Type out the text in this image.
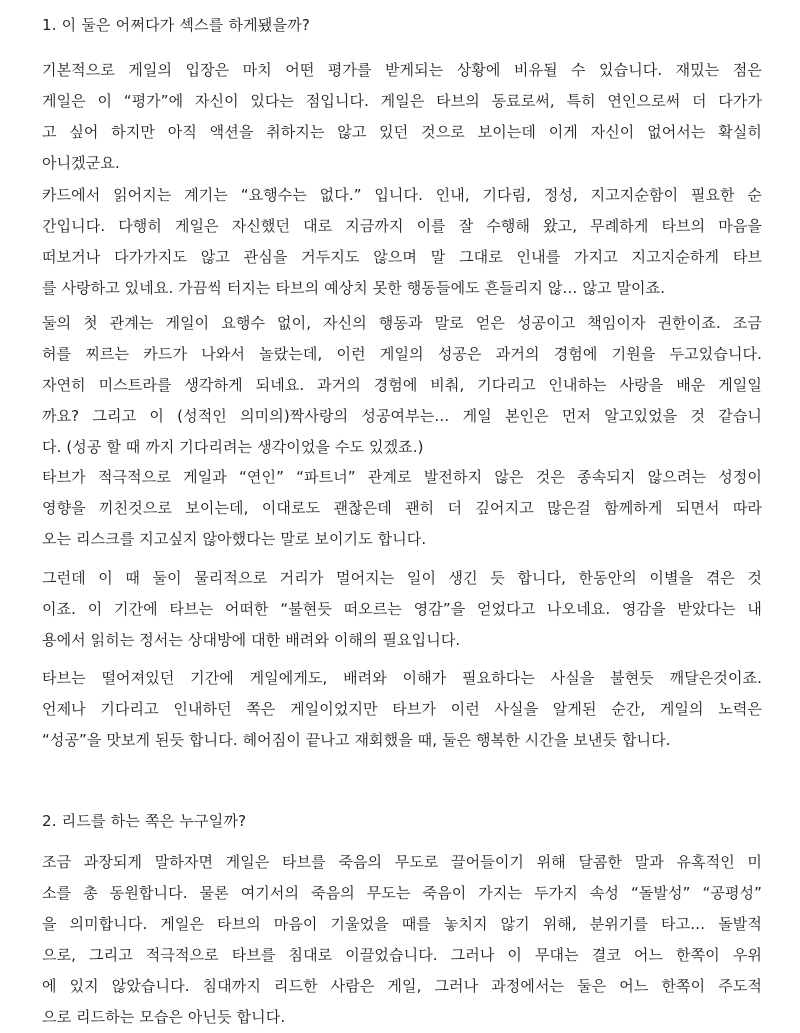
1. 이 둘은 어쩌다가 섹스를 하게됐을까?
기본적으로 게일의 입장은 마치 어떤 평가를 받게되는 상황에 비유될 수 있습니다. 재밌는 점은
게일은 이 “평가”에 자신이 있다는 점입니다. 게일은 타브의 동료로써, 특히 연인으로써 더 다가가
고 싶어 하지만 아직 액션을 취하지는 않고 있던 것으로 보이는데 이게 자신이 없어서는 확실히
아니겠군요.
카드에서 읽어지는 계기는 “요행수는 없다.” 입니다. 인내, 기다림, 정성, 지고지순함이 필요한 순
간입니다. 다행히 게일은 자신했던 대로 지금까지 이를 잘 수행해 왔고, 무례하게 타브의 마음을
떠보거나 다가가지도 않고 관심을 거두지도 않으며 말 그대로 인내를 가지고 지고지순하게 타브
를 사랑하고 있네요. 가끔씩 터지는 타브의 예상치 못한 행동들에도 흔들리지 않… 않고 말이죠.
둘의 첫 관계는 게일이 요행수 없이, 자신의 행동과 말로 얻은 성공이고 책임이자 권한이죠. 조금
허를 찌르는 카드가 나와서 놀랐는데, 이런 게일의 성공은 과거의 경험에 기원을 두고있습니다.
자연히 미스트라를 생각하게 되네요. 과거의 경험에 비춰, 기다리고 인내하는 사랑을 배운 게일일
까요? 그리고 이 (성적인 의미의)짝사랑의 성공여부는… 게일 본인은 먼저 알고있었을 것 같습니
다. (성공 할 때 까지 기다리려는 생각이었을 수도 있겠죠.)
타브가 적극적으로 게일과 “연인” “파트너” 관계로 발전하지 않은 것은 종속되지 않으려는 성정이
영향을 끼친것으로 보이는데, 이대로도 괜찮은데 괜히 더 깊어지고 많은걸 함께하게 되면서 따라
오는 리스크를 지고싶지 않아했다는 말로 보이기도 합니다.
그런데 이 때 둘이 물리적으로 거리가 멀어지는 일이 생긴 듯 합니다, 한동안의 이별을 겪은 것
이죠. 이 기간에 타브는 어떠한 “불현듯 떠오르는 영감”을 얻었다고 나오네요. 영감을 받았다는 내
용에서 읽히는 정서는 상대방에 대한 배려와 이해의 필요입니다.
타브는 떨어져있던 기간에 게일에게도, 배려와 이해가 필요하다는 사실을 불현듯 깨달은것이죠.
언제나 기다리고 인내하던 쪽은 게일이었지만 타브가 이런 사실을 알게된 순간, 게일의 노력은
“성공”을 맛보게 된듯 합니다. 헤어짐이 끝나고 재회했을 때, 둘은 행복한 시간을 보낸듯 합니다.
2. 리드를 하는 쪽은 누구일까?
조금 과장되게 말하자면 게일은 타브를 죽음의 무도로 끌어들이기 위해 달콤한 말과 유혹적인 미
소를 총 동원합니다. 물론 여기서의 죽음의 무도는 죽음이 가지는 두가지 속성 “돌발성” “공평성”
을 의미합니다. 게일은 타브의 마음이 기울었을 때를 놓치지 않기 위해, 분위기를 타고… 돌발적
으로, 그리고 적극적으로 타브를 침대로 이끌었습니다. 그러나 이 무대는 결코 어느 한쪽이 우위
에 있지 않았습니다. 침대까지 리드한 사람은 게일, 그러나 과정에서는 둘은 어느 한쪽이 주도적
으로 리드하는 모습은 아닌듯 합니다.
